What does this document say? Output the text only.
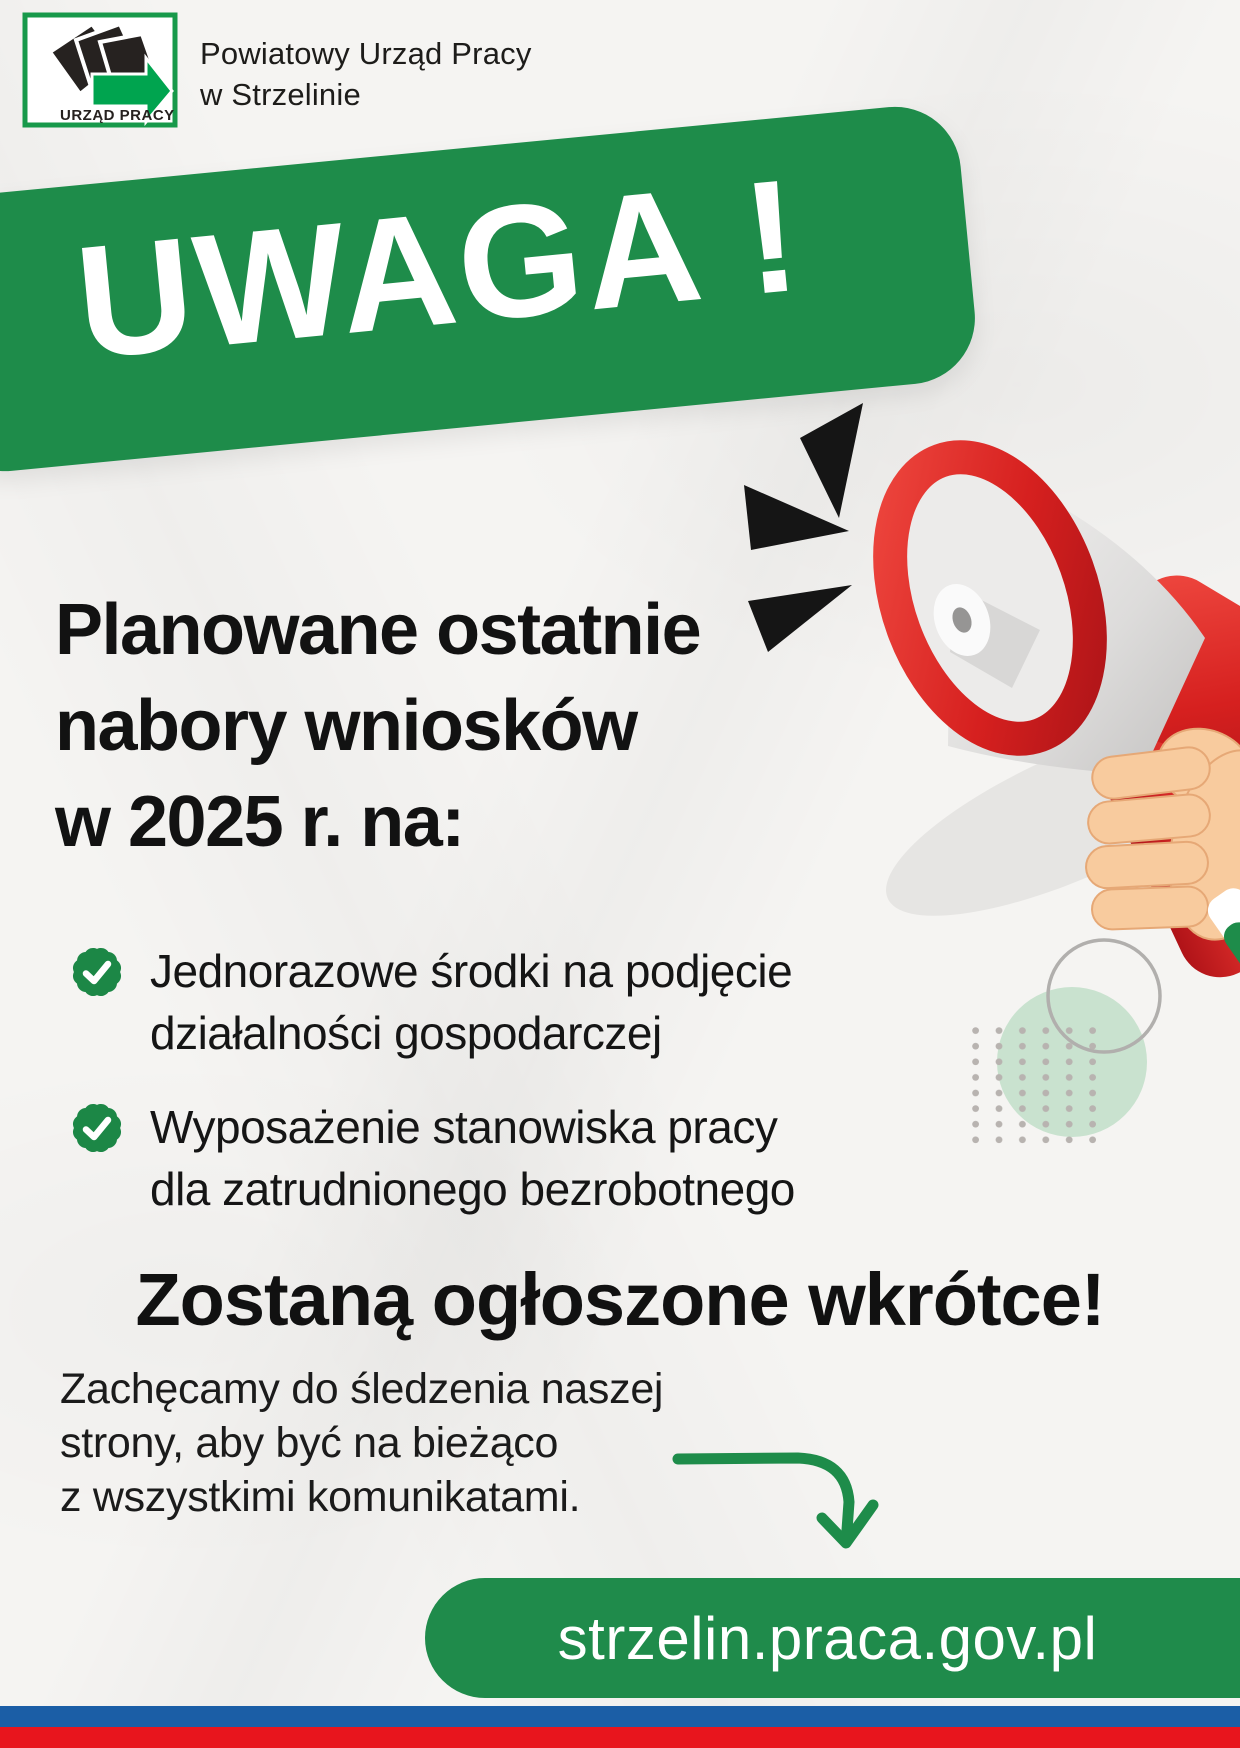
URZĄD PRACY
Powiatowy Urząd Pracy
w Strzelinie
UWAGA !
Planowane ostatnie
nabory wniosków
w 2025 r. na:
Jednorazowe środki na podjęcie
działalności gospodarczej
Wyposażenie stanowiska pracy
dla zatrudnionego bezrobotnego
Zostaną ogłoszone wkrótce!
Zachęcamy do śledzenia naszej
strony, aby być na bieżąco
z wszystkimi komunikatami.
strzelin.praca.gov.pl
